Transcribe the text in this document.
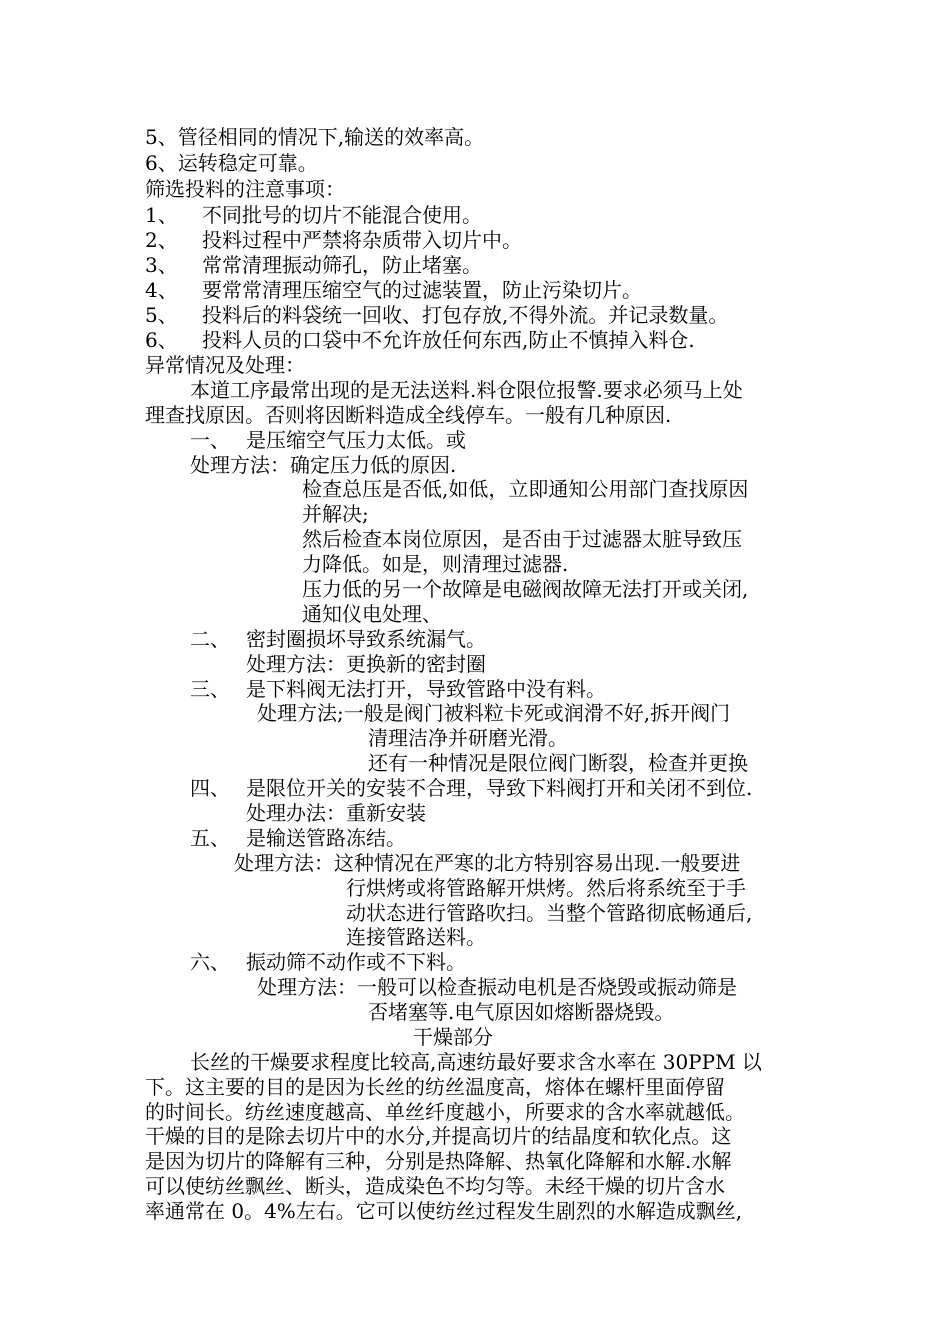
5、管径相同的情况下,输送的效率高。
6、运转稳定可靠。
筛选投料的注意事项：
1、 不同批号的切片不能混合使用。
2、 投料过程中严禁将杂质带入切片中。
3、 常常清理振动筛孔，防止堵塞。
4、 要常常清理压缩空气的过滤装置，防止污染切片。
5、 投料后的料袋统一回收、打包存放,不得外流。并记录数量。
6、 投料人员的口袋中不允许放任何东西,防止不慎掉入料仓.
异常情况及处理：
本道工序最常出现的是无法送料.料仓限位报警.要求必须马上处
理查找原因。否则将因断料造成全线停车。一般有几种原因.
一、 是压缩空气压力太低。或
处理方法：确定压力低的原因.
检查总压是否低,如低，立即通知公用部门查找原因
并解决;
然后检查本岗位原因，是否由于过滤器太脏导致压
力降低。如是，则清理过滤器.
压力低的另一个故障是电磁阀故障无法打开或关闭,
通知仪电处理、
二、 密封圈损坏导致系统漏气。
处理方法：更换新的密封圈
三、 是下料阀无法打开，导致管路中没有料。
处理方法;一般是阀门被料粒卡死或润滑不好,拆开阀门
清理洁净并研磨光滑。
还有一种情况是限位阀门断裂，检查并更换
四、 是限位开关的安装不合理，导致下料阀打开和关闭不到位.
处理办法：重新安装
五、 是输送管路冻结。
处理方法：这种情况在严寒的北方特别容易出现.一般要进
行烘烤或将管路解开烘烤。然后将系统至于手
动状态进行管路吹扫。当整个管路彻底畅通后,
连接管路送料。
六、 振动筛不动作或不下料。
处理方法：一般可以检查振动电机是否烧毁或振动筛是
否堵塞等.电气原因如熔断器烧毁。
干燥部分
长丝的干燥要求程度比较高,高速纺最好要求含水率在 30PPM 以
下。这主要的目的是因为长丝的纺丝温度高，熔体在螺杆里面停留
的时间长。纺丝速度越高、单丝纤度越小，所要求的含水率就越低。
干燥的目的是除去切片中的水分,并提高切片的结晶度和软化点。这
是因为切片的降解有三种，分别是热降解、热氧化降解和水解.水解
可以使纺丝飘丝、断头，造成染色不均匀等。未经干燥的切片含水
率通常在 0。4%左右。它可以使纺丝过程发生剧烈的水解造成飘丝,
